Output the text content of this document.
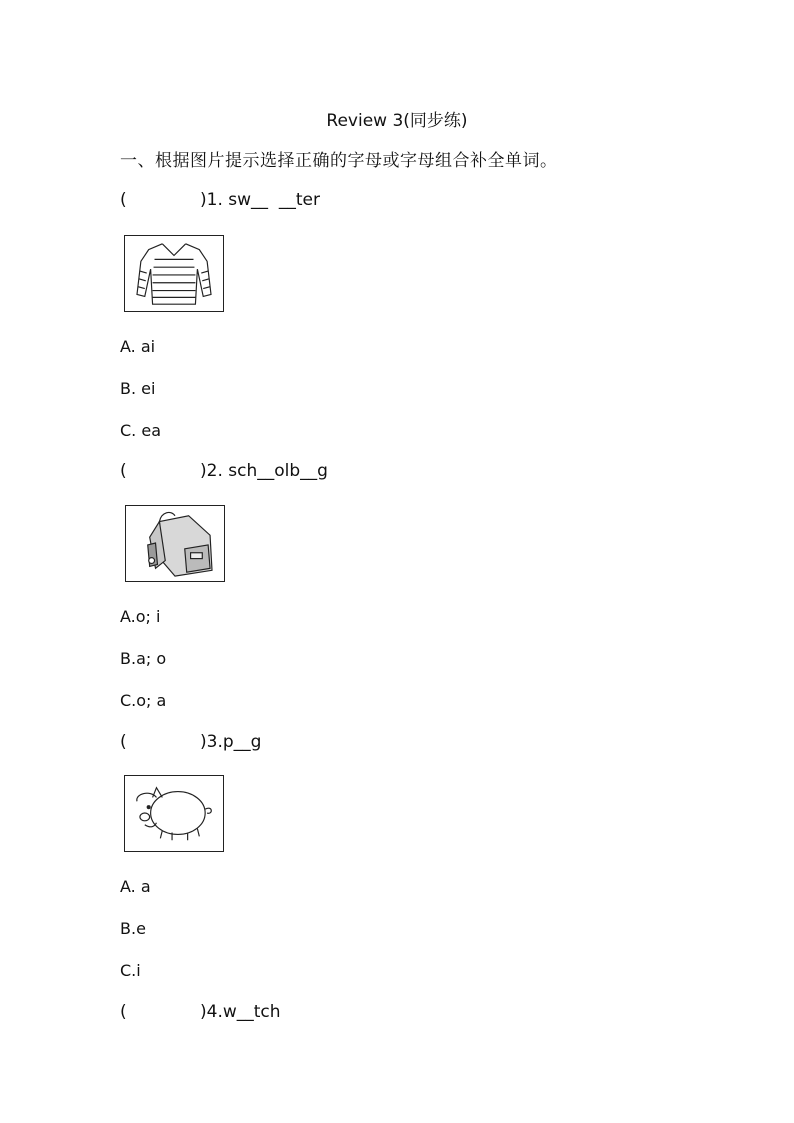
Review 3(同步练)
一、根据图片提示选择正确的字母或字母组合补全单词。
(	)1. sw__  __ter
A. ai
B. ei
C. ea
(	)2. sch__olb__g
A.o; i
B.a; o
C.o; a
(	)3.p__g
A. a
B.e
C.i
(	)4.w__tch
